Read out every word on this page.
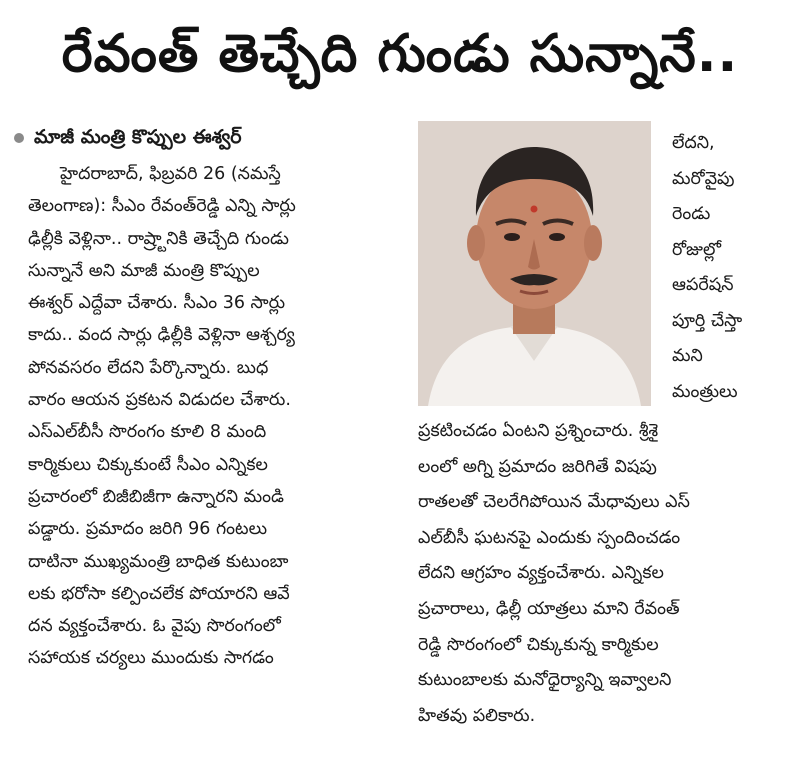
రేవంత్ తెచ్చేది గుండు సున్నానే..
మాజీ మంత్రి కొప్పుల ఈశ్వర్
హైదరాబాద్, ఫిబ్రవరి 26 (నమస్తే
తెలంగాణ): సీఎం రేవంత్‌రెడ్డి ఎన్ని సార్లు
ఢిల్లీకి వెళ్లినా.. రాష్ర్టానికి తెచ్చేది గుండు
సున్నానే అని మాజీ మంత్రి కొప్పుల
ఈశ్వర్ ఎద్దేవా చేశారు. సీఎం 36 సార్లు
కాదు.. వంద సార్లు ఢిల్లీకి వెళ్లినా ఆశ్చర్య
పోనవసరం లేదని పేర్కొన్నారు. బుధ
వారం ఆయన ప్రకటన విడుదల చేశారు.
ఎస్‌ఎల్‌బీసీ సొరంగం కూలి 8 మంది
కార్మికులు చిక్కుకుంటే సీఎం ఎన్నికల
ప్రచారంలో బిజీబిజీగా ఉన్నారని మండి
పడ్డారు. ప్రమాదం జరిగి 96 గంటలు
దాటినా ముఖ్యమంత్రి బాధిత కుటుంబా
లకు భరోసా కల్పించలేక పోయారని ఆవే
దన వ్యక్తంచేశారు. ఓ వైపు సొరంగంలో
సహాయక చర్యలు ముందుకు సాగడం
లేదని,
మరోవైపు
రెండు
రోజుల్లో
ఆపరేషన్
పూర్తి చేస్తా
మని
మంత్రులు
ప్రకటించడం ఏంటని ప్రశ్నించారు. శ్రీశై
లంలో అగ్ని ప్రమాదం జరిగితే విషపు
రాతలతో చెలరేగిపోయిన మేధావులు ఎస్
ఎల్‌బీసీ ఘటనపై ఎందుకు స్పందించడం
లేదని ఆగ్రహం వ్యక్తంచేశారు. ఎన్నికల
ప్రచారాలు, ఢిల్లీ యాత్రలు మాని రేవంత్
రెడ్డి సొరంగంలో చిక్కుకున్న కార్మికుల
కుటుంబాలకు మనోధైర్యాన్ని ఇవ్వాలని
హితవు పలికారు.
